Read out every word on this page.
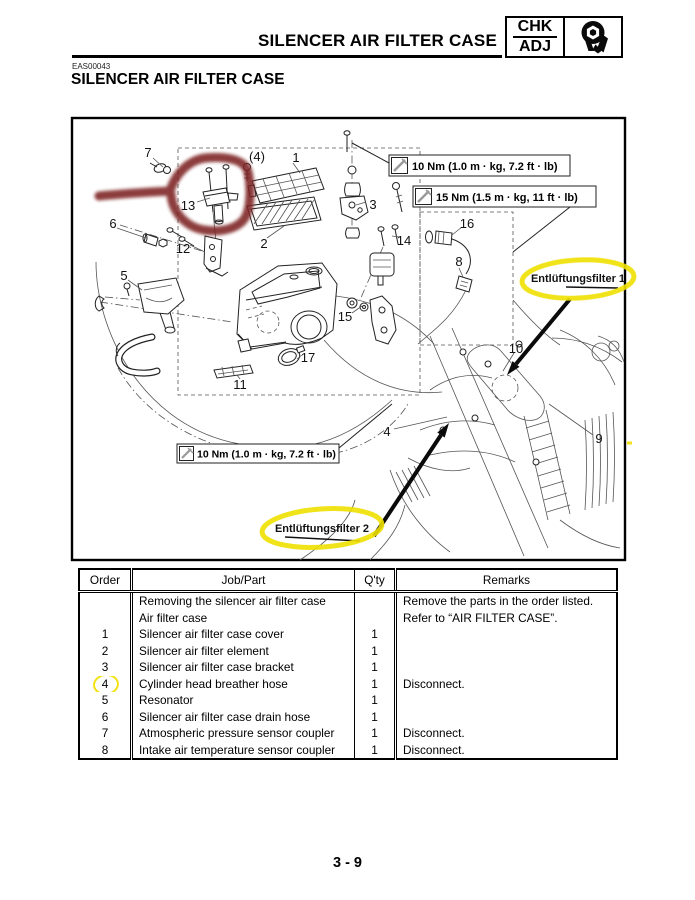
SILENCER AIR FILTER CASE
CHK
ADJ
EAS00043
SILENCER AIR FILTER CASE
10 Nm (1.0 m · kg, 7.2 ft · lb)
15 Nm (1.5 m · kg, 11 ft · lb)
10 Nm (1.0 m · kg, 7.2 ft · lb)
7
13
(4) 1
3
6
12
5
2
15
16
14
8
17
11
10
4	9
Entlüftungsfilter 1
Entlüftungsfilter 2
Order	Job/Part	Q'ty	Remarks
	Removing the silencer air filter case		Remove the parts in the order listed.
	Air filter case		Refer to “AIR FILTER CASE”.
1	Silencer air filter case cover	1	
2	Silencer air filter element	1	
3	Silencer air filter case bracket	1	
4	Cylinder head breather hose	1	Disconnect.
5	Resonator	1	
6	Silencer air filter case drain hose	1	
7	Atmospheric pressure sensor coupler	1	Disconnect.
8	Intake air temperature sensor coupler	1	Disconnect.
3 - 9
